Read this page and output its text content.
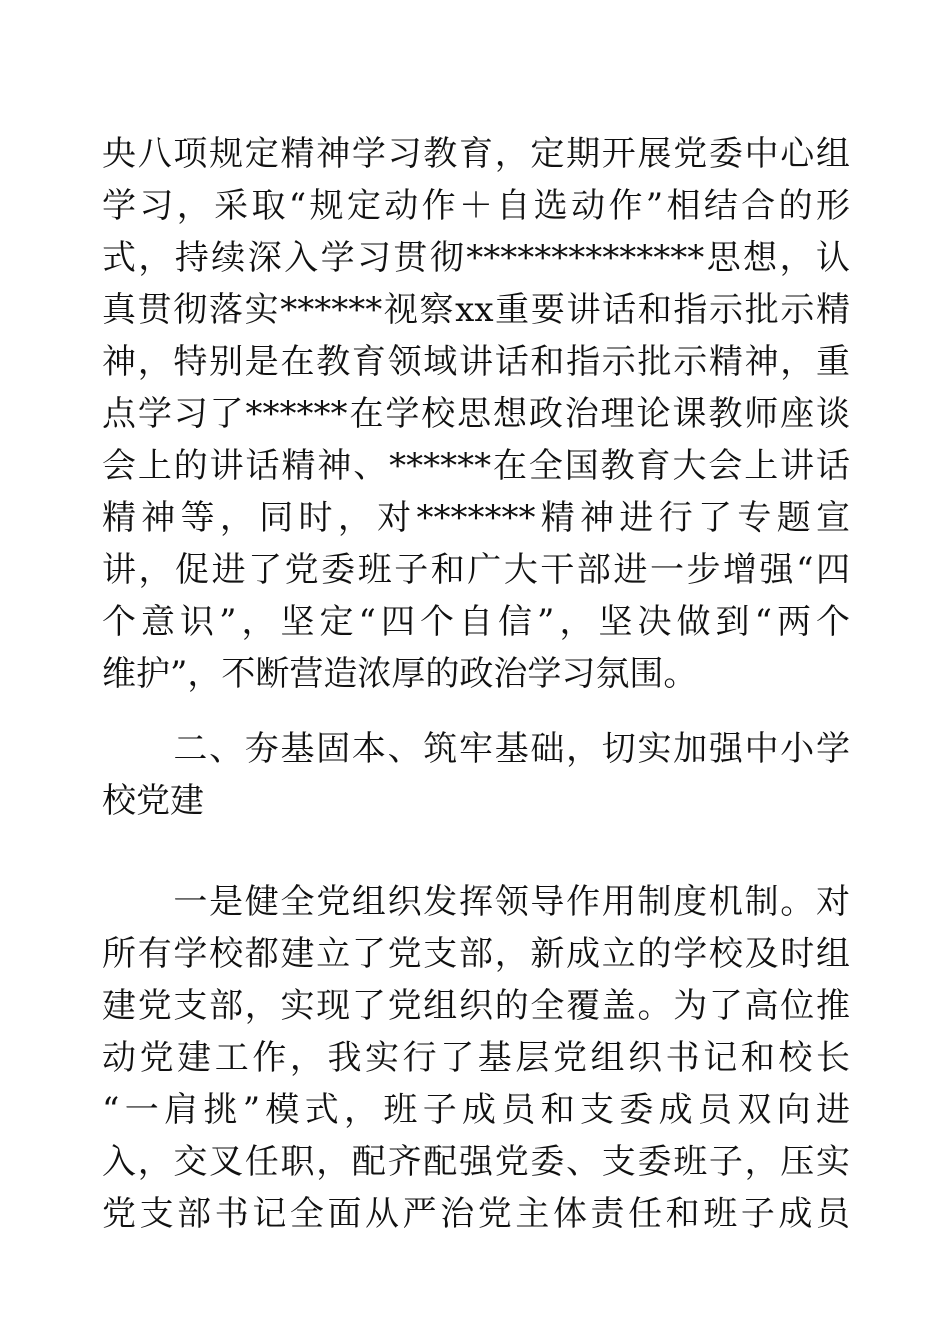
央八项规定精神学习教育，定期开展党委中心组
学习，采取“规定动作＋自选动作”相结合的形
式，持续深入学习贯彻**************思想，认
真贯彻落实******视察xx重要讲话和指示批示精
神，特别是在教育领域讲话和指示批示精神，重
点学习了******在学校思想政治理论课教师座谈
会上的讲话精神、******在全国教育大会上讲话
精神等，同时，对*******精神进行了专题宣
讲，促进了党委班子和广大干部进一步增强“四
个意识”，坚定“四个自信”，坚决做到“两个
维护”，不断营造浓厚的政治学习氛围。
　　二、夯基固本、筑牢基础，切实加强中小学
校党建
　　一是健全党组织发挥领导作用制度机制。对
所有学校都建立了党支部，新成立的学校及时组
建党支部，实现了党组织的全覆盖。为了高位推
动党建工作，我实行了基层党组织书记和校长
“一肩挑”模式，班子成员和支委成员双向进
入，交叉任职，配齐配强党委、支委班子，压实
党支部书记全面从严治党主体责任和班子成员
